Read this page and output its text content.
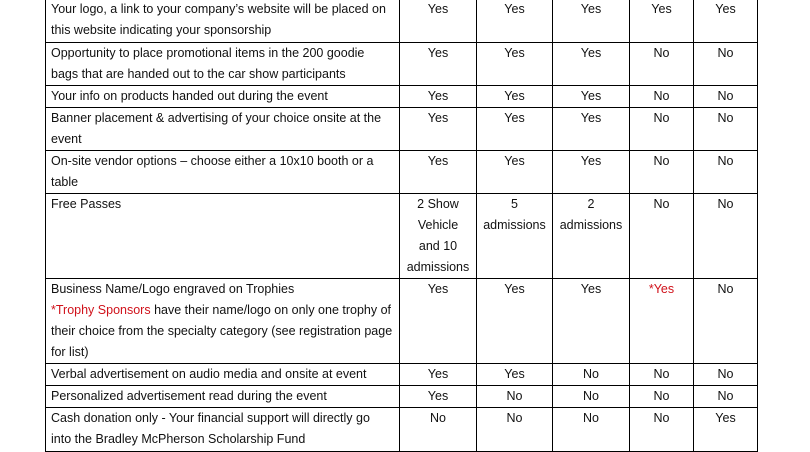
Your logo, a link to your company’s website will be placed on
this website indicating your sponsorship	Yes	Yes	Yes	Yes	Yes

Opportunity to place promotional items in the 200 goodie
bags that are handed out to the car show participants	Yes	Yes	Yes	No	No

Your info on products handed out during the event	Yes	Yes	Yes	No	No

Banner placement & advertising of your choice onsite at the
event	Yes	Yes	Yes	No	No

On-site vendor options – choose either a 10x10 booth or a
table	Yes	Yes	Yes	No	No

Free Passes	2 Show
Vehicle
and 10
admissions	5
admissions	2
admissions	No	No

Business Name/Logo engraved on Trophies
*Trophy Sponsors have their name/logo on only one trophy of
their choice from the specialty category (see registration page
for list)	Yes	Yes	Yes	*Yes	No

Verbal advertisement on audio media and onsite at event	Yes	Yes	No	No	No

Personalized advertisement read during the event	Yes	No	No	No	No

Cash donation only - Your financial support will directly go
into the Bradley McPherson Scholarship Fund	No	No	No	No	Yes
